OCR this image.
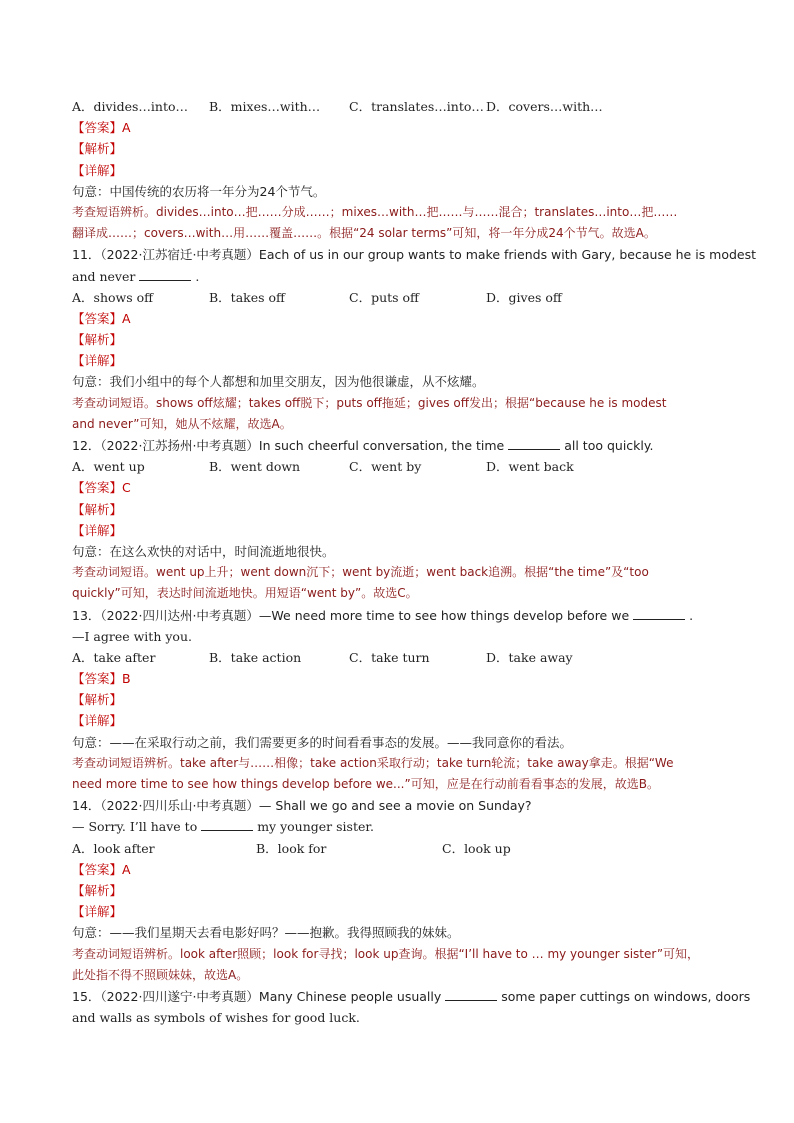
A．divides…into… B．mixes…with… C．translates…into… D．covers…with…
【答案】A
【解析】
【详解】
句意：中国传统的农历将一年分为24个节气。
考查短语辨析。divides…into…把……分成……；mixes…with…把……与……混合；translates…into…把……
翻译成……；covers…with…用……覆盖……。根据“24 solar terms”可知，将一年分成24个节气。故选A。
11．（2022·江苏宿迁·中考真题）Each of us in our group wants to make friends with Gary, because he is modest
and never	.
A．shows off	B．takes off	C．puts off	D．gives off
【答案】A
【解析】
【详解】
句意：我们小组中的每个人都想和加里交朋友，因为他很谦虚，从不炫耀。
考查动词短语。shows off炫耀；takes off脱下；puts off拖延；gives off发出；根据“because he is modest
and never”可知，她从不炫耀，故选A。
12．（2022·江苏扬州·中考真题）In such cheerful conversation, the time	all too quickly.
A．went up	B．went down	C．went by	D．went back
【答案】C
【解析】
【详解】
句意：在这么欢快的对话中，时间流逝地很快。
考查动词短语。went up上升；went down沉下；went by流逝；went back追溯。根据“the time”及“too
quickly”可知，表达时间流逝地快。用短语“went by”。故选C。
13．（2022·四川达州·中考真题）—We need more time to see how things develop before we	.
—I agree with you.
A．take after	B．take action	C．take turn	D．take away
【答案】B
【解析】
【详解】
句意：——在采取行动之前，我们需要更多的时间看看事态的发展。——我同意你的看法。
考查动词短语辨析。take after与……相像；take action采取行动；take turn轮流；take away拿走。根据“We
need more time to see how things develop before we...”可知，应是在行动前看看事态的发展，故选B。
14．（2022·四川乐山·中考真题）— Shall we go and see a movie on Sunday?
— Sorry. I’ll have to	my younger sister.
A．look after	B．look for	C．look up
【答案】A
【解析】
【详解】
句意：——我们星期天去看电影好吗？——抱歉。我得照顾我的妹妹。
考查动词短语辨析。look after照顾；look for寻找；look up查询。根据“I’ll have to … my younger sister”可知，
此处指不得不照顾妹妹，故选A。
15．（2022·四川遂宁·中考真题）Many Chinese people usually	some paper cuttings on windows, doors
and walls as symbols of wishes for good luck.
